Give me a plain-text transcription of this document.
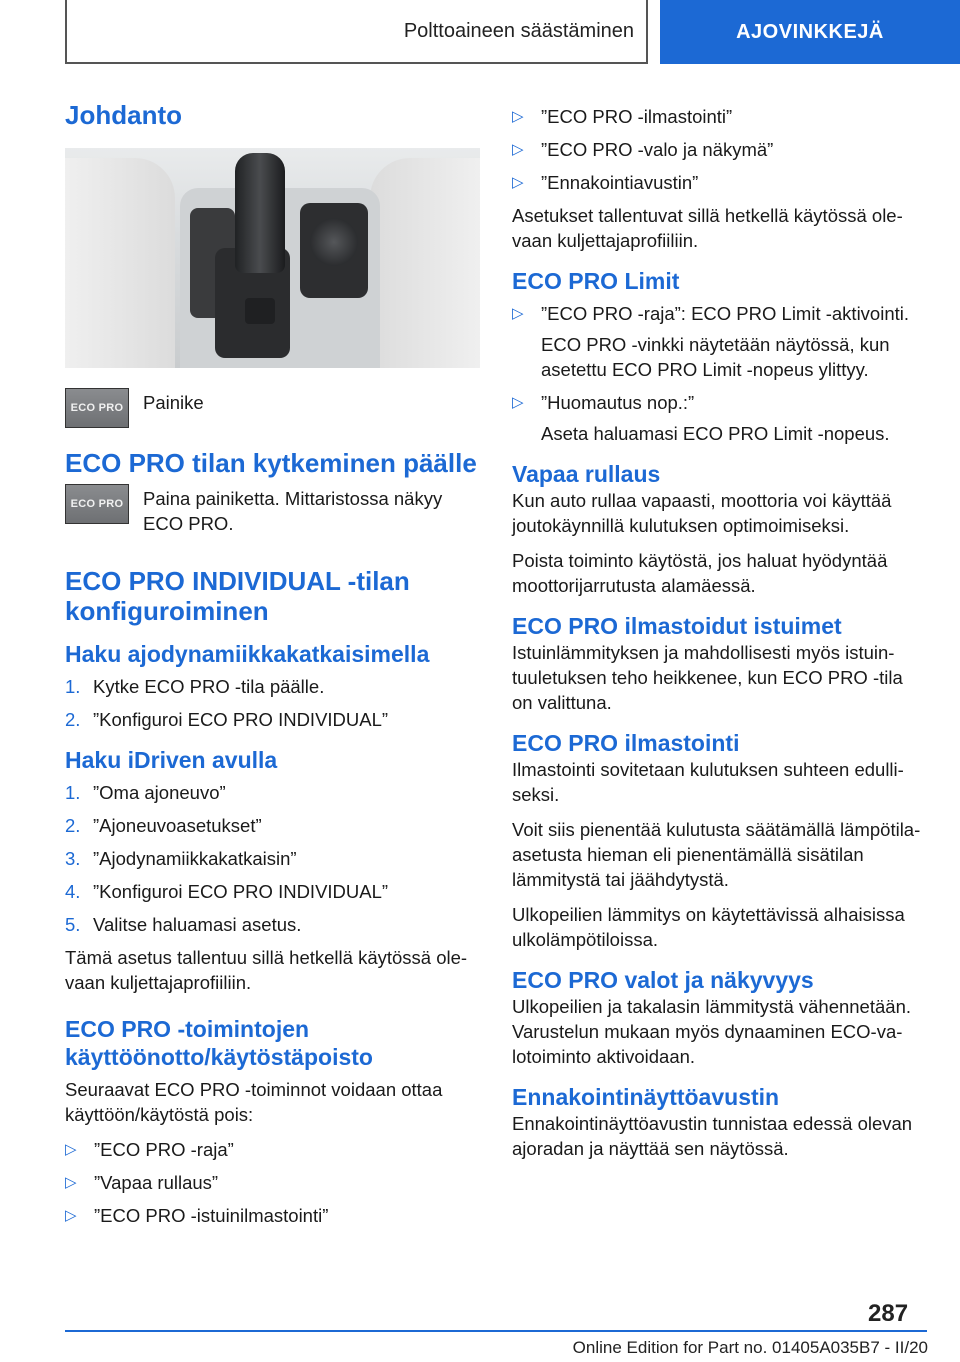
Polttoaineen säästäminen	AJOVINKKEJÄ
Johdanto
ECO PRO Painike

ECO PRO tilan kytkeminen päälle
ECO PRO Paina painiketta. Mittaristossa näkyy ECO PRO.

ECO PRO INDIVIDUAL -tilan
konfiguroiminen
Haku ajodynamiikkakatkaisimella
1. Kytke ECO PRO -tila päälle.
2. ”Konfiguroi ECO PRO INDIVIDUAL”
Haku iDriven avulla
1. ”Oma ajoneuvo”
2. ”Ajoneuvoasetukset”
3. ”Ajodynamiikkakatkaisin”
4. ”Konfiguroi ECO PRO INDIVIDUAL”
5. Valitse haluamasi asetus.

Tämä asetus tallentuu sillä hetkellä käytössä olevaan kuljettajaprofiiliin.

ECO PRO -toimintojen
käyttöönotto/käytöstäpoisto

Seuraavat ECO PRO -toiminnot voidaan ottaa käyttöön/käytöstä pois:

▷ ”ECO PRO -raja”
▷ ”Vapaa rullaus”
▷ ”ECO PRO -istuinilmastointi”
▷ ”ECO PRO -ilmastointi”
▷ ”ECO PRO -valo ja näkymä”
▷ ”Ennakointiavustin”

Asetukset tallentuvat sillä hetkellä käytössä olevaan kuljettajaprofiiliin.

ECO PRO Limit
▷ ”ECO PRO -raja”: ECO PRO Limit -aktivointi.

ECO PRO -vinkki näytetään näytössä, kun asetettu ECO PRO Limit -nopeus ylittyy.

▷ ”Huomautus nop.:”

Aseta haluamasi ECO PRO Limit -nopeus.

Vapaa rullaus

Kun auto rullaa vapaasti, moottoria voi käyttää joutokäynnillä kulutuksen optimoimiseksi.

Poista toiminto käytöstä, jos haluat hyödyntää moottorijarrutusta alamäessä.

ECO PRO ilmastoidut istuimet

Istuinlämmityksen ja mahdollisesti myös istuintuuletuksen teho heikkenee, kun ECO PRO -tila on valittuna.

ECO PRO ilmastointi

Ilmastointi sovitetaan kulutuksen suhteen edulliseksi.

Voit siis pienentää kulutusta säätämällä lämpötila-asetusta hieman eli pienentämällä sisätilan lämmitystä tai jäähdytystä.

Ulkopeilien lämmitys on käytettävissä alhaisissa ulkolämpötiloissa.

ECO PRO valot ja näkyvyys

Ulkopeilien ja takalasin lämmitystä vähennetään. Varustelun mukaan myös dynaaminen ECO-valotoiminto aktivoidaan.

Ennakointinäyttöavustin

Ennakointinäyttöavustin tunnistaa edessä olevan ajoradan ja näyttää sen näytössä.

287
Online Edition for Part no. 01405A035B7 - II/20
